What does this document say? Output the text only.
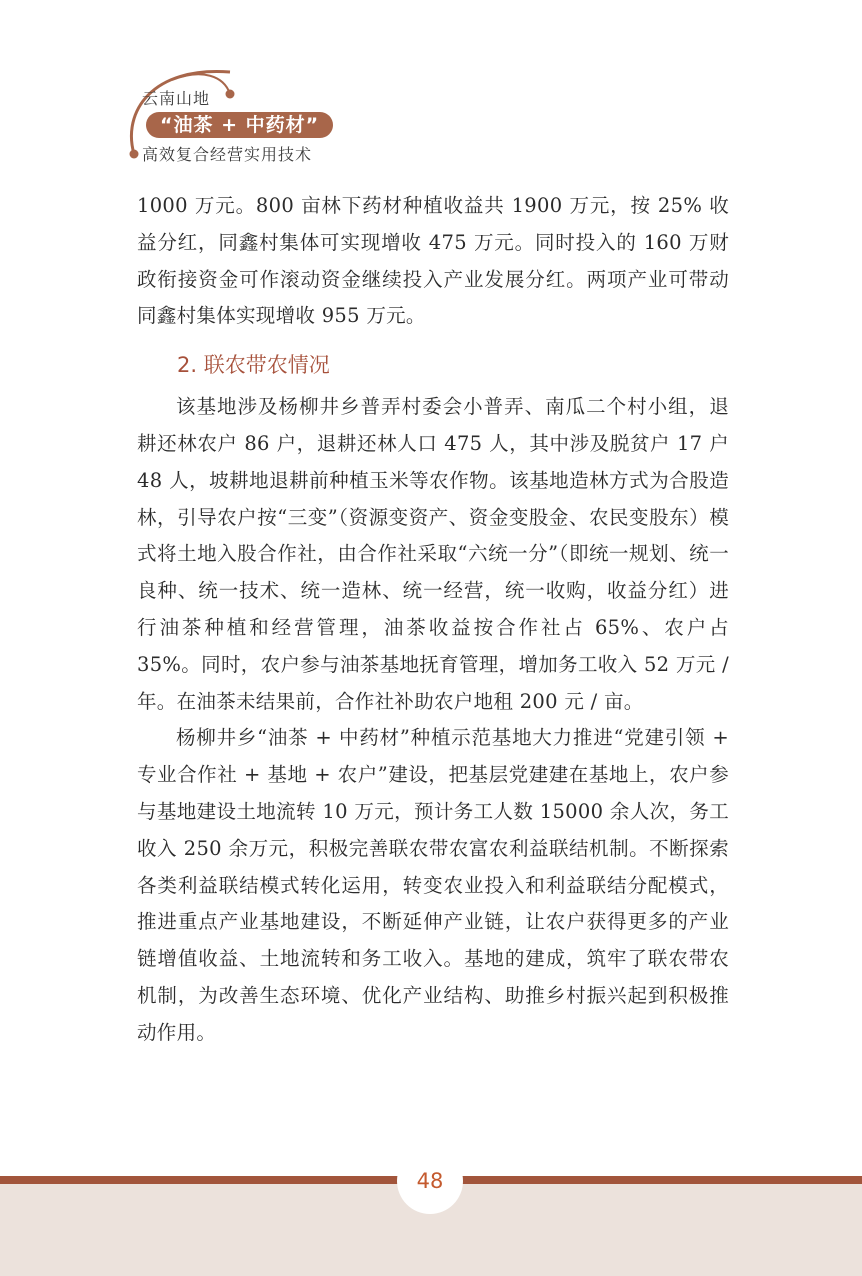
云南山地
“油茶 + 中药材”
高效复合经营实用技术

1000 万元。800 亩林下药材种植收益共 1900 万元，按 25% 收益分红，同鑫村集体可实现增收 475 万元。同时投入的 160 万财政衔接资金可作滚动资金继续投入产业发展分红。两项产业可带动同鑫村集体实现增收 955 万元。

2. 联农带农情况

该基地涉及杨柳井乡普弄村委会小普弄、南瓜二个村小组，退耕还林农户 86 户，退耕还林人口 475 人，其中涉及脱贫户 17 户 48 人，坡耕地退耕前种植玉米等农作物。该基地造林方式为合股造林，引导农户按“三变”（资源变资产、资金变股金、农民变股东）模式将土地入股合作社，由合作社采取“六统一分”（即统一规划、统一良种、统一技术、统一造林、统一经营，统一收购，收益分红）进行油茶种植和经营管理，油茶收益按合作社占 65%、农户占 35%。同时，农户参与油茶基地抚育管理，增加务工收入 52 万元 / 年。在油茶未结果前，合作社补助农户地租 200 元 / 亩。

杨柳井乡“油茶 + 中药材”种植示范基地大力推进“党建引领 + 专业合作社 + 基地 + 农户”建设，把基层党建建在基地上，农户参与基地建设土地流转 10 万元，预计务工人数 15000 余人次，务工收入 250 余万元，积极完善联农带农富农利益联结机制。不断探索各类利益联结模式转化运用，转变农业投入和利益联结分配模式，推进重点产业基地建设，不断延伸产业链，让农户获得更多的产业链增值收益、土地流转和务工收入。基地的建成，筑牢了联农带农机制，为改善生态环境、优化产业结构、助推乡村振兴起到积极推动作用。

48
